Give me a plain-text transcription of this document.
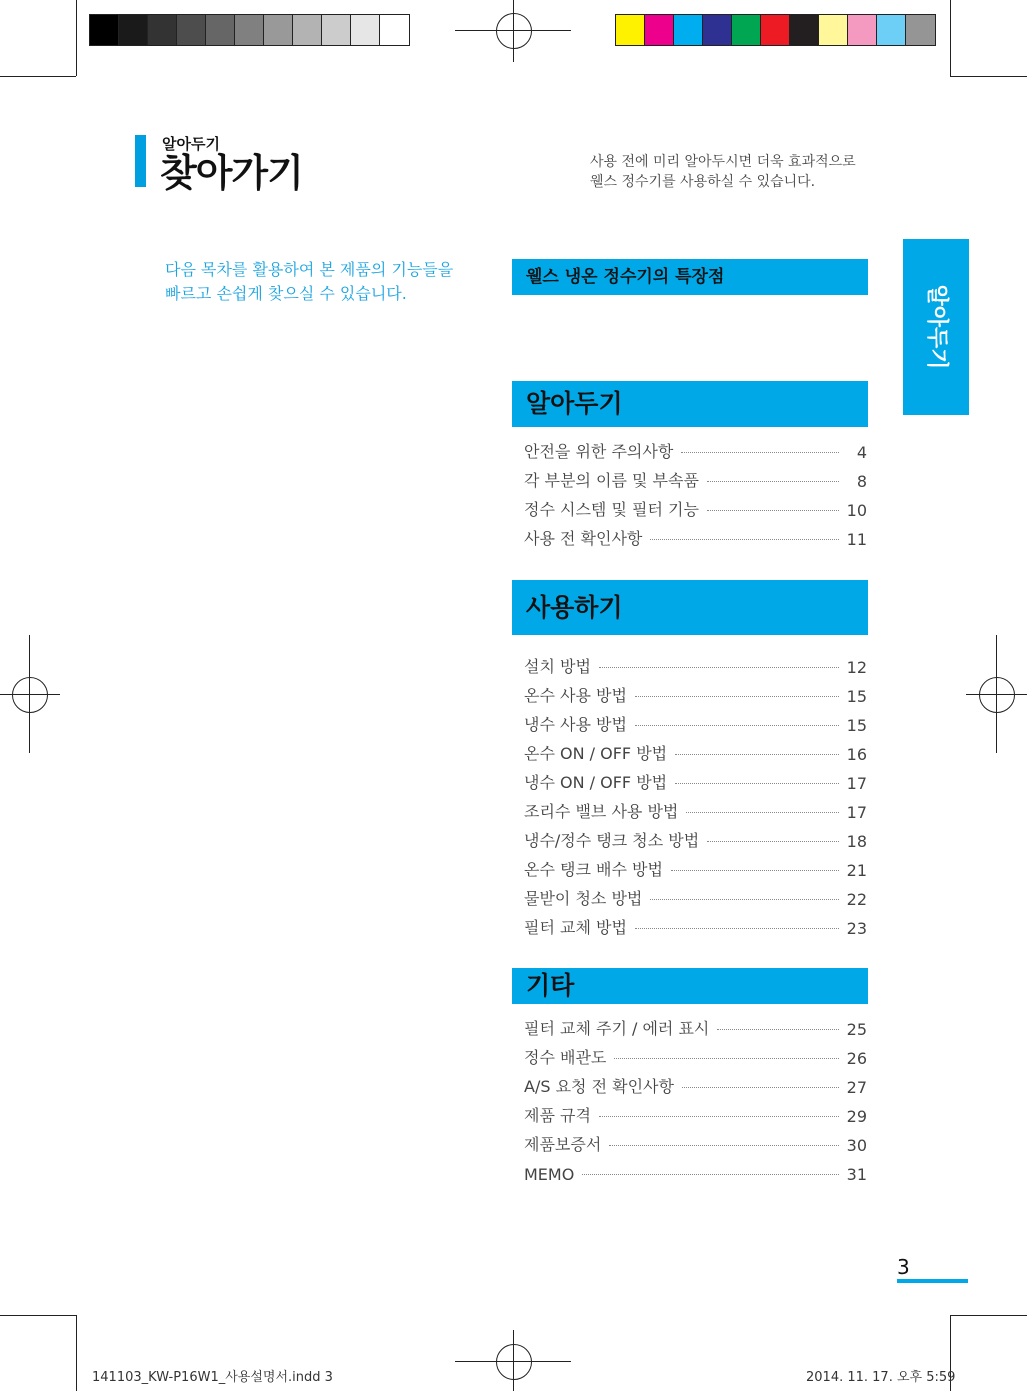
알아두기
찾아가기	사용 전에 미리 알아두시면 더욱 효과적으로
웰스 정수기를 사용하실 수 있습니다.
다음 목차를 활용하여 본 제품의 기능들을
빠르고 손쉽게 찾으실 수 있습니다.	알아두기
웰스 냉온 정수기의 특장점
알아두기
안전을 위한 주의사항	4
각 부분의 이름 및 부속품	8
정수 시스템 및 필터 기능	10
사용 전 확인사항	11
사용하기
설치 방법	12
온수 사용 방법	15
냉수 사용 방법	15
온수 ON / OFF 방법	16
냉수 ON / OFF 방법	17
조리수 밸브 사용 방법	17
냉수/정수 탱크 청소 방법	18
온수 탱크 배수 방법	21
물받이 청소 방법	22
필터 교체 방법	23
기타
필터 교체 주기 / 에러 표시	25
정수 배관도	26
A/S 요청 전 확인사항	27
제품 규격	29
제품보증서	30
MEMO	31
3
141103_KW-P16W1_사용설명서.indd 3	2014. 11. 17. 오후 5:59
